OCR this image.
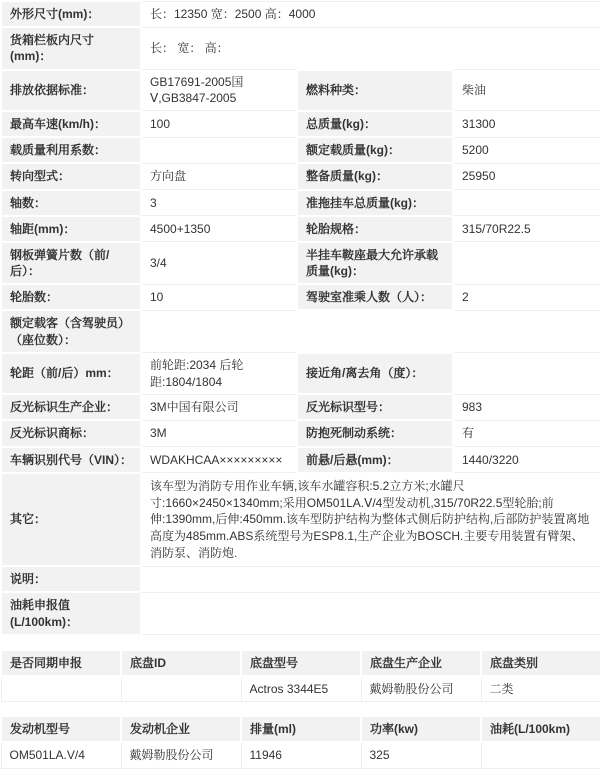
外形尺寸(mm)：	长：12350 宽：2500 高：4000		
货箱栏板内尺寸(mm)：	长： 宽： 高：		
排放依据标准：	GB17691-2005国Ⅴ,GB3847-2005	燃料种类：	柴油
最高车速(km/h)：	100	总质量(kg)：	31300
载质量利用系数：		额定载质量(kg)：	5200
转向型式：	方向盘	整备质量(kg)：	25950
轴数：	3	准拖挂车总质量(kg)：	
轴距(mm)：	4500+1350	轮胎规格：	315/70R22.5
钢板弹簧片数（前/后）：	3/4	半挂车鞍座最大允许承载质量(kg)：	
轮胎数：	10	驾驶室准乘人数（人）：	2
额定载客（含驾驶员）（座位数）：			
轮距（前/后）mm：	前轮距:2034 后轮距:1804/1804	接近角/离去角（度）：	
反光标识生产企业：	3M中国有限公司	反光标识型号：	983
反光标识商标：	3M	防抱死制动系统：	有
车辆识别代号（VIN）：	WDAKHCAA×××××××××	前悬/后悬(mm)：	1440/3220
其它：	该车型为消防专用作业车辆,该车水罐容积:5.2立方米;水罐尺寸:1660×2450×1340mm;采用OM501LA.Ⅴ/4型发动机,315/70R22.5型轮胎;前伸:1390mm,后伸:450mm.该车型防护结构为整体式侧后防护结构,后部防护装置离地高度为485mm.ABS系统型号为ESP8.1,生产企业为BOSCH.主要专用装置有臂架、消防泵、消防炮.		
说明：			
油耗申报值(L/100km)：			
是否同期申报	底盘ID	底盘型号	底盘生产企业	底盘类别
		Actros 3344E5	戴姆勒股份公司	二类
发动机型号	发动机企业	排量(ml)	功率(kw)	油耗(L/100km)
OM501LA.V/4	戴姆勒股份公司	11946	325	
